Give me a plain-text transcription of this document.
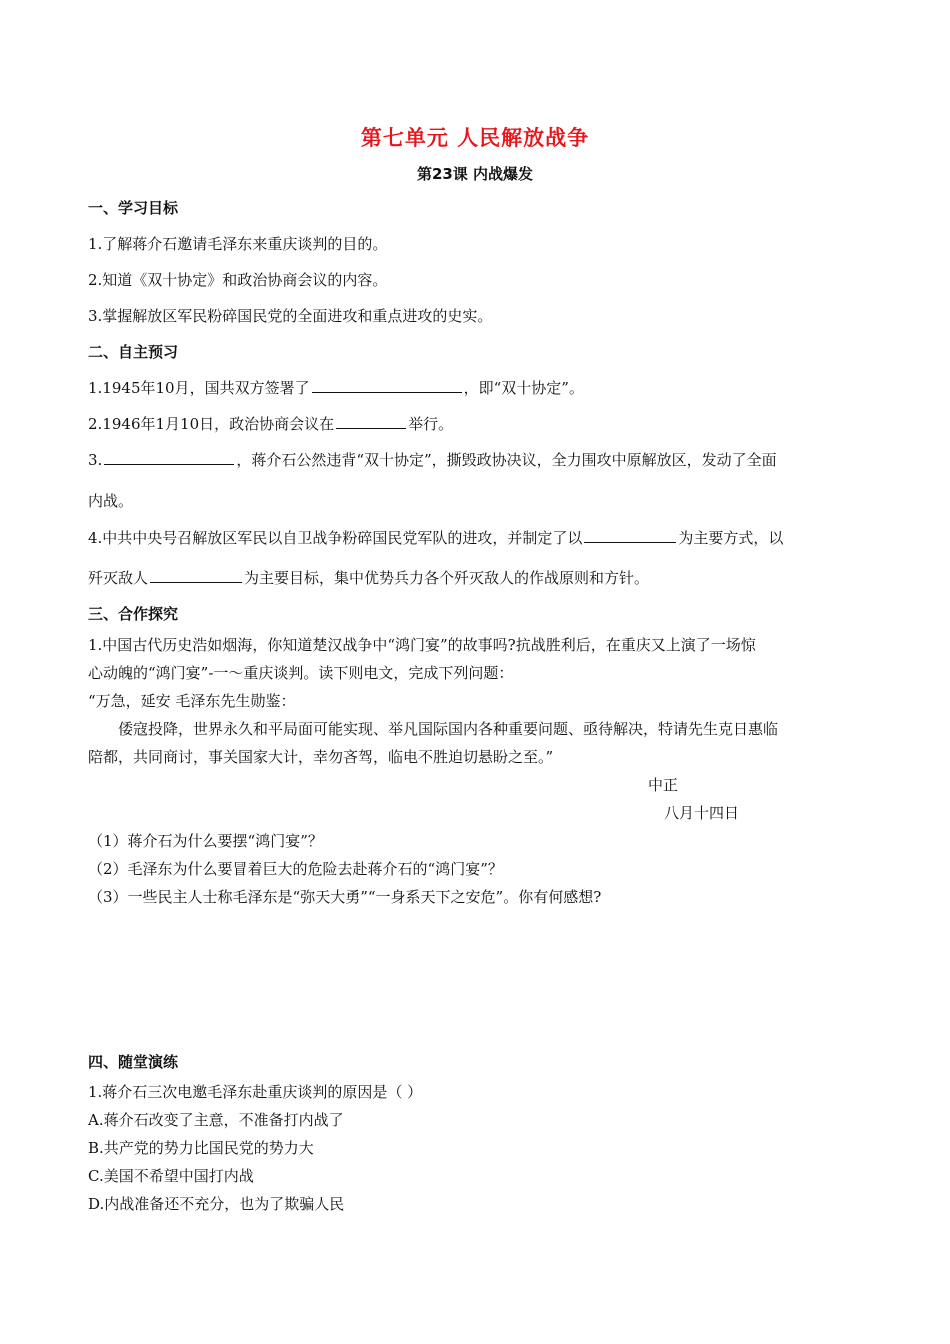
第七单元 人民解放战争
第23课 内战爆发
一、学习目标
1.了解蒋介石邀请毛泽东来重庆谈判的目的。
2.知道《双十协定》和政治协商会议的内容。
3.掌握解放区军民粉碎国民党的全面进攻和重点进攻的史实。
二、自主预习
1.1945年10月，国共双方签署了	，即“双十协定”。
2.1946年1月10日，政治协商会议在	举行。
3.	，蒋介石公然违背“双十协定”，撕毁政协决议，全力围攻中原解放区，发动了全面
内战。
4.中共中央号召解放区军民以自卫战争粉碎国民党军队的进攻，并制定了以	为主要方式，以
歼灭敌人	为主要目标，集中优势兵力各个歼灭敌人的作战原则和方针。
三、合作探究
1.中国古代历史浩如烟海，你知道楚汉战争中“鸿门宴”的故事吗?抗战胜利后，在重庆又上演了一场惊
心动魄的“鸿门宴”-一～重庆谈判。读下则电文，完成下列问题：
“万急，延安 毛泽东先生勋鉴：
倭寇投降，世界永久和平局面可能实现、举凡国际国内各种重要问题、亟待解决，特请先生克日惠临
陪都，共同商讨，事关国家大计，幸勿吝驾，临电不胜迫切悬盼之至。”
中正
八月十四日
（1）蒋介石为什么要摆“鸿门宴”？
（2）毛泽东为什么要冒着巨大的危险去赴蒋介石的“鸿门宴”？
（3）一些民主人士称毛泽东是“弥天大勇”“一身系天下之安危”。你有何感想?
四、随堂演练
1.蒋介石三次电邀毛泽东赴重庆谈判的原因是（ ）
A.蒋介石改变了主意，不准备打内战了
B.共产党的势力比国民党的势力大
C.美国不希望中国打内战
D.内战准备还不充分，也为了欺骗人民
